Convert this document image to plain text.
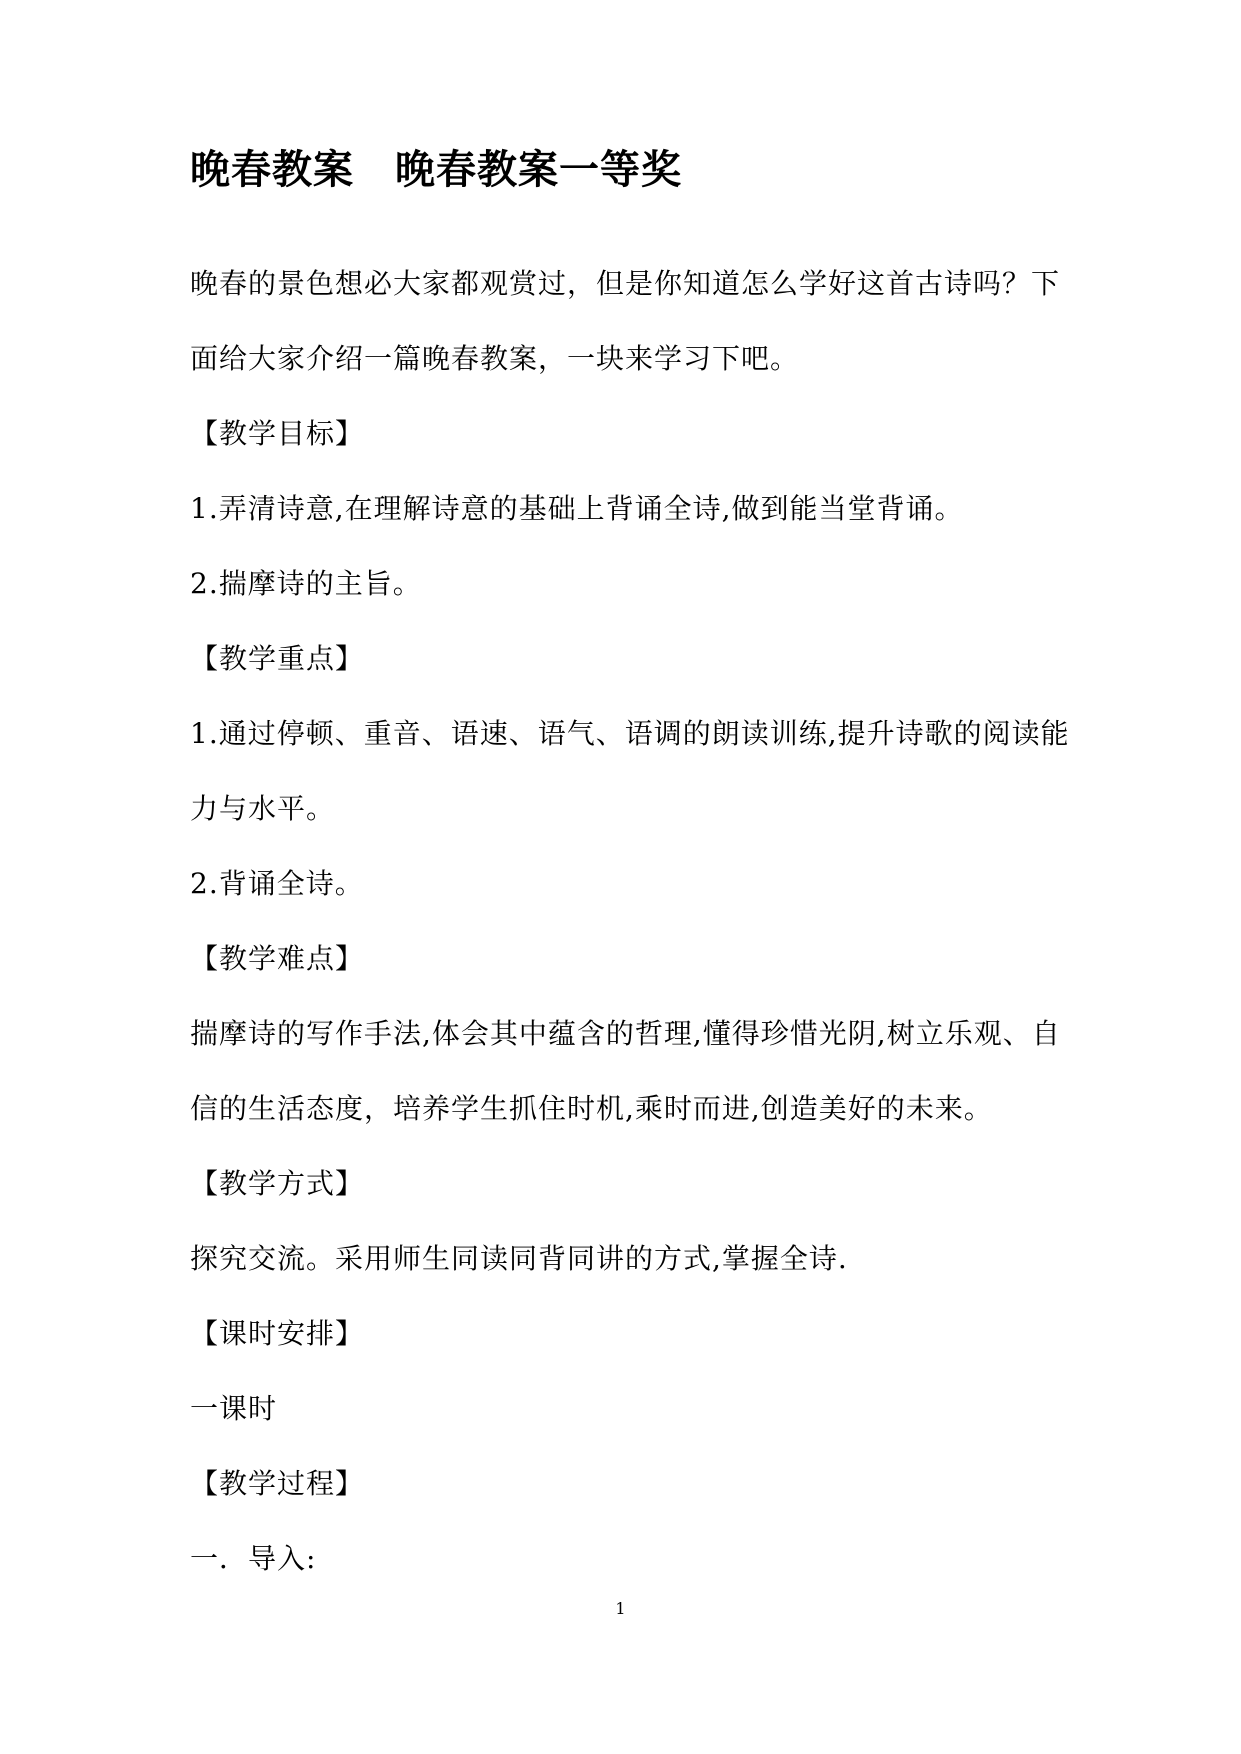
晚春教案　晚春教案一等奖
晚春的景色想必大家都观赏过，但是你知道怎么学好这首古诗吗？下
面给大家介绍一篇晚春教案，一块来学习下吧。
【教学目标】
1.弄清诗意,在理解诗意的基础上背诵全诗,做到能当堂背诵。
2.揣摩诗的主旨。
【教学重点】
1.通过停顿、重音、语速、语气、语调的朗读训练,提升诗歌的阅读能
力与水平。
2.背诵全诗。
【教学难点】
揣摩诗的写作手法,体会其中蕴含的哲理,懂得珍惜光阴,树立乐观、自
信的生活态度，培养学生抓住时机,乘时而进,创造美好的未来。
【教学方式】
探究交流。采用师生同读同背同讲的方式,掌握全诗.
【课时安排】
一课时
【教学过程】
一．导入:
1
